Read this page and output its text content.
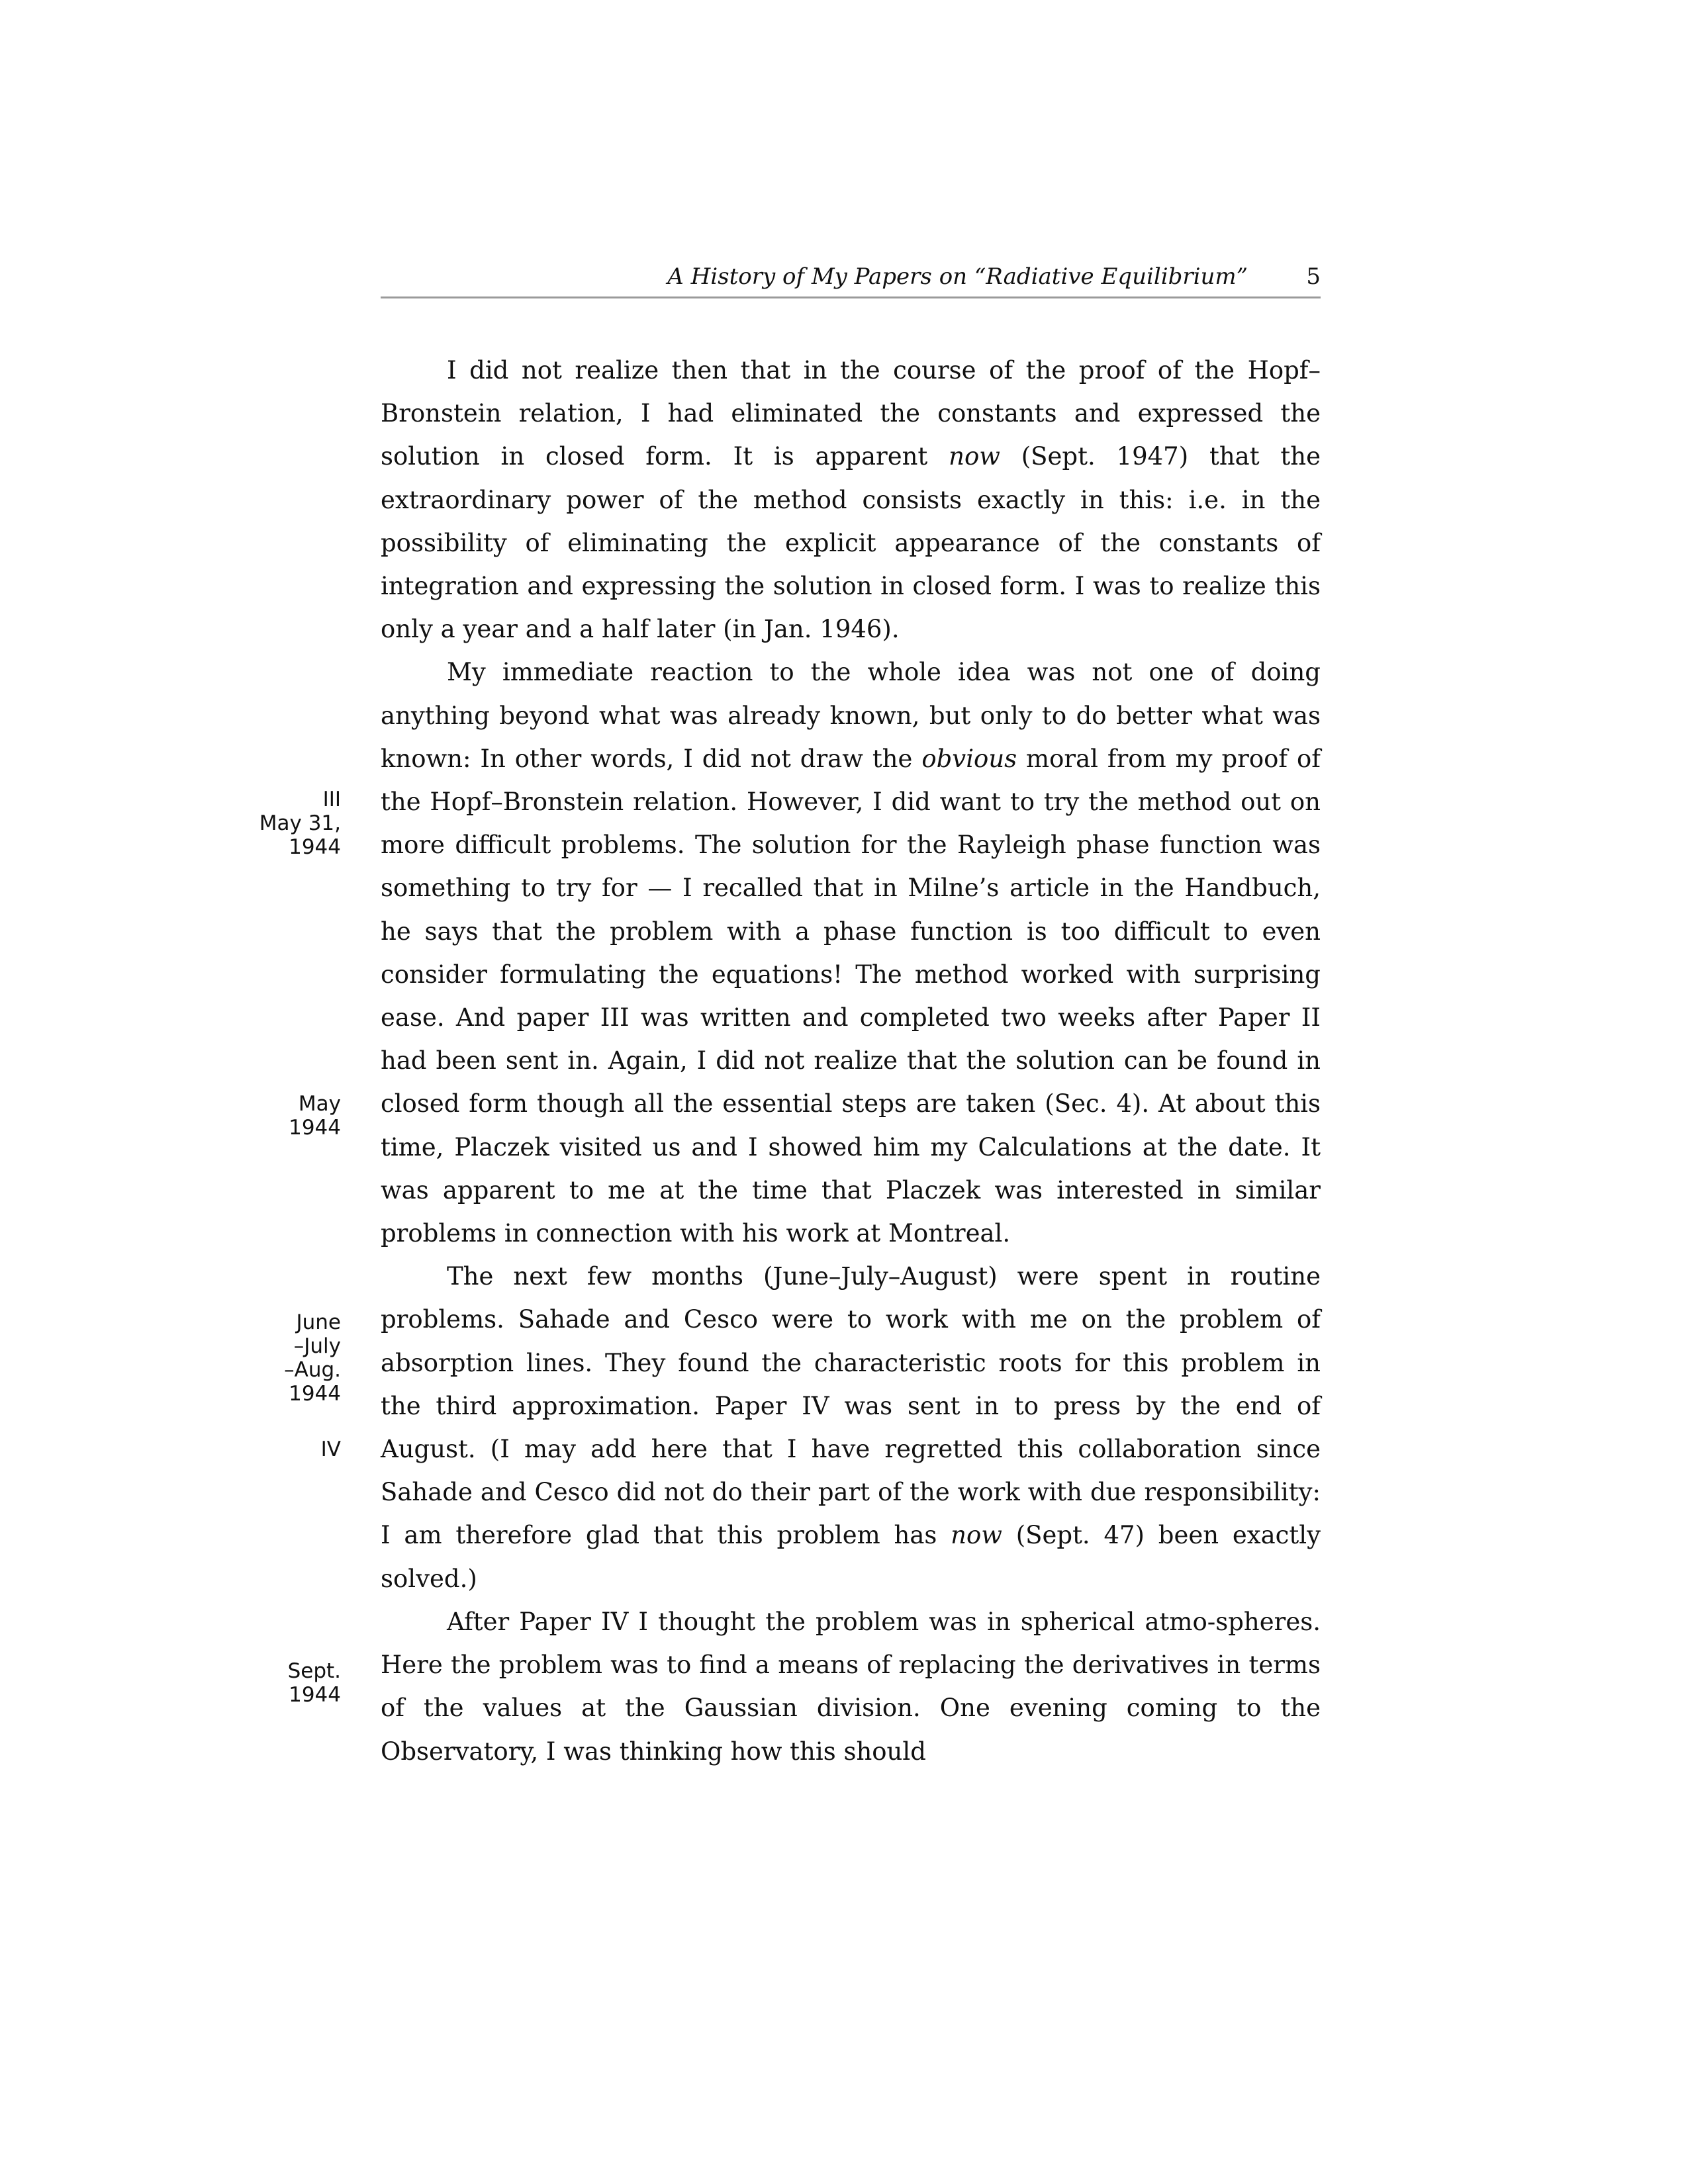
A History of My Papers on “Radiative Equilibrium”	5
III
May 31,
1944
May
1944
June
–July
–Aug.
1944
IV
Sept.
1944

I did not realize then that in the course of the proof of the Hopf–Bronstein relation, I had eliminated the constants and expressed the solution in closed form. It is apparent now (Sept. 1947) that the extraordinary power of the method consists exactly in this: i.e. in the possibility of eliminating the explicit appearance of the constants of integration and expressing the solution in closed form. I was to realize this only a year and a half later (in Jan. 1946).

My immediate reaction to the whole idea was not one of doing anything beyond what was already known, but only to do better what was known: In other words, I did not draw the obvious moral from my proof of the Hopf–Bronstein relation. However, I did want to try the method out on more difficult problems. The solution for the Rayleigh phase function was something to try for — I recalled that in Milne’s article in the Handbuch, he says that the problem with a phase function is too difficult to even consider formulating the equations! The method worked with surprising ease. And paper III was written and completed two weeks after Paper II had been sent in. Again, I did not realize that the solution can be found in closed form though all the essential steps are taken (Sec. 4). At about this time, Placzek visited us and I showed him my Calculations at the date. It was apparent to me at the time that Placzek was interested in similar problems in connection with his work at Montreal.

The next few months (June–July–August) were spent in routine problems. Sahade and Cesco were to work with me on the problem of absorption lines. They found the characteristic roots for this problem in the third approximation. Paper IV was sent in to press by the end of August. (I may add here that I have regretted this collaboration since Sahade and Cesco did not do their part of the work with due responsibility: I am therefore glad that this problem has now (Sept. 47) been exactly solved.)

After Paper IV I thought the problem was in spherical atmo-spheres. Here the problem was to find a means of replacing the derivatives in terms of the values at the Gaussian division. One evening coming to the Observatory, I was thinking how this should
